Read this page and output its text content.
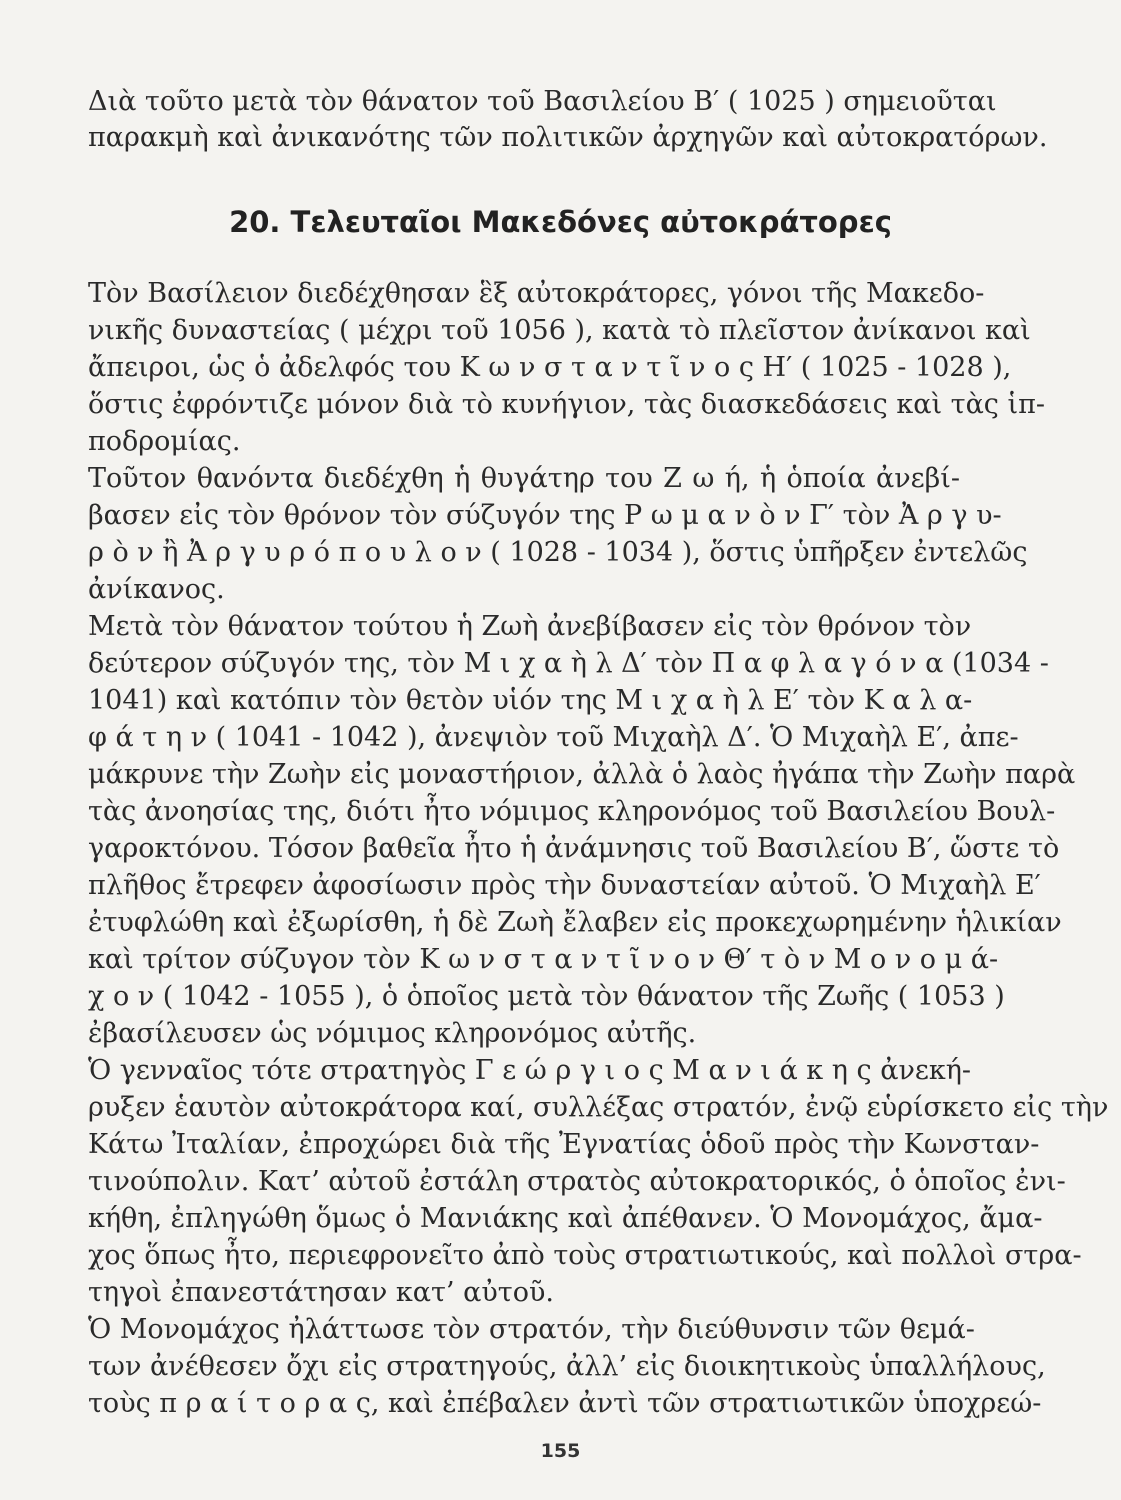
Διὰ τοῦτο μετὰ τὸν θάνατον τοῦ Βασιλείου Β′ ( 1025 ) σημειοῦται
παρακμὴ καὶ ἀνικανότης τῶν πολιτικῶν ἀρχηγῶν καὶ αὐτοκρατόρων.
20. Τελευταῖοι Μακεδόνες αὐτοκράτορες
Τὸν Βασίλειον διεδέχθησαν ἓξ αὐτοκράτορες, γόνοι τῆς Μακεδο-
νικῆς δυναστείας ( μέχρι τοῦ 1056 ), κατὰ τὸ πλεῖστον ἀνίκανοι καὶ
ἄπειροι, ὡς ὁ ἀδελφός του Κ ω ν σ τ α ν τ ῖ ν ο ς Η′ ( 1025 - 1028 ),
ὅστις ἐφρόντιζε μόνον διὰ τὸ κυνήγιον, τὰς διασκεδάσεις καὶ τὰς ἱπ-
ποδρομίας.
Τοῦτον θανόντα διεδέχθη ἡ θυγάτηρ του Ζ ω ή, ἡ ὁποία ἀνεβί-
βασεν εἰς τὸν θρόνον τὸν σύζυγόν της Ρ ω μ α ν ὸ ν Γ′ τὸν Ἀ ρ γ υ-
ρ ὸ ν ἢ Ἀ ρ γ υ ρ ό π ο υ λ ο ν ( 1028 - 1034 ), ὅστις ὑπῆρξεν ἐντελῶς
ἀνίκανος.
Μετὰ τὸν θάνατον τούτου ἡ Ζωὴ ἀνεβίβασεν εἰς τὸν θρόνον τὸν
δεύτερον σύζυγόν της, τὸν Μ ι χ α ὴ λ Δ′ τὸν Π α φ λ α γ ό ν α (1034 -
1041) καὶ κατόπιν τὸν θετὸν υἱόν της Μ ι χ α ὴ λ Ε′ τὸν Κ α λ α-
φ ά τ η ν ( 1041 - 1042 ), ἀνεψιὸν τοῦ Μιχαὴλ Δ′. Ὁ Μιχαὴλ Ε′, ἀπε-
μάκρυνε τὴν Ζωὴν εἰς μοναστήριον, ἀλλὰ ὁ λαὸς ἠγάπα τὴν Ζωὴν παρὰ
τὰς ἀνοησίας της, διότι ἦτο νόμιμος κληρονόμος τοῦ Βασιλείου Βουλ-
γαροκτόνου. Τόσον βαθεῖα ἦτο ἡ ἀνάμνησις τοῦ Βασιλείου Β′, ὥστε τὸ
πλῆθος ἔτρεφεν ἀφοσίωσιν πρὸς τὴν δυναστείαν αὐτοῦ. Ὁ Μιχαὴλ Ε′
ἐτυφλώθη καὶ ἐξωρίσθη, ἡ δὲ Ζωὴ ἔλαβεν εἰς προκεχωρημένην ἡλικίαν
καὶ τρίτον σύζυγον τὸν Κ ω ν σ τ α ν τ ῖ ν ο ν Θ′ τ ὸ ν Μ ο ν ο μ ά-
χ ο ν ( 1042 - 1055 ), ὁ ὁποῖος μετὰ τὸν θάνατον τῆς Ζωῆς ( 1053 )
ἐβασίλευσεν ὡς νόμιμος κληρονόμος αὐτῆς.
Ὁ γενναῖος τότε στρατηγὸς Γ ε ώ ρ γ ι ο ς Μ α ν ι ά κ η ς ἀνεκή-
ρυξεν ἑαυτὸν αὐτοκράτορα καί, συλλέξας στρατόν, ἐνῷ εὑρίσκετο εἰς τὴν
Κάτω Ἰταλίαν, ἐπροχώρει διὰ τῆς Ἐγνατίας ὁδοῦ πρὸς τὴν Κωνσταν-
τινούπολιν. Κατ’ αὐτοῦ ἐστάλη στρατὸς αὐτοκρατορικός, ὁ ὁποῖος ἐνι-
κήθη, ἐπληγώθη ὅμως ὁ Μανιάκης καὶ ἀπέθανεν. Ὁ Μονομάχος, ἄμα-
χος ὅπως ἦτο, περιεφρονεῖτο ἀπὸ τοὺς στρατιωτικούς, καὶ πολλοὶ στρα-
τηγοὶ ἐπανεστάτησαν κατ’ αὐτοῦ.
Ὁ Μονομάχος ἠλάττωσε τὸν στρατόν, τὴν διεύθυνσιν τῶν θεμά-
των ἀνέθεσεν ὄχι εἰς στρατηγούς, ἀλλ’ εἰς διοικητικοὺς ὑπαλλήλους,
τοὺς π ρ α ί τ ο ρ α ς, καὶ ἐπέβαλεν ἀντὶ τῶν στρατιωτικῶν ὑποχρεώ-
155
